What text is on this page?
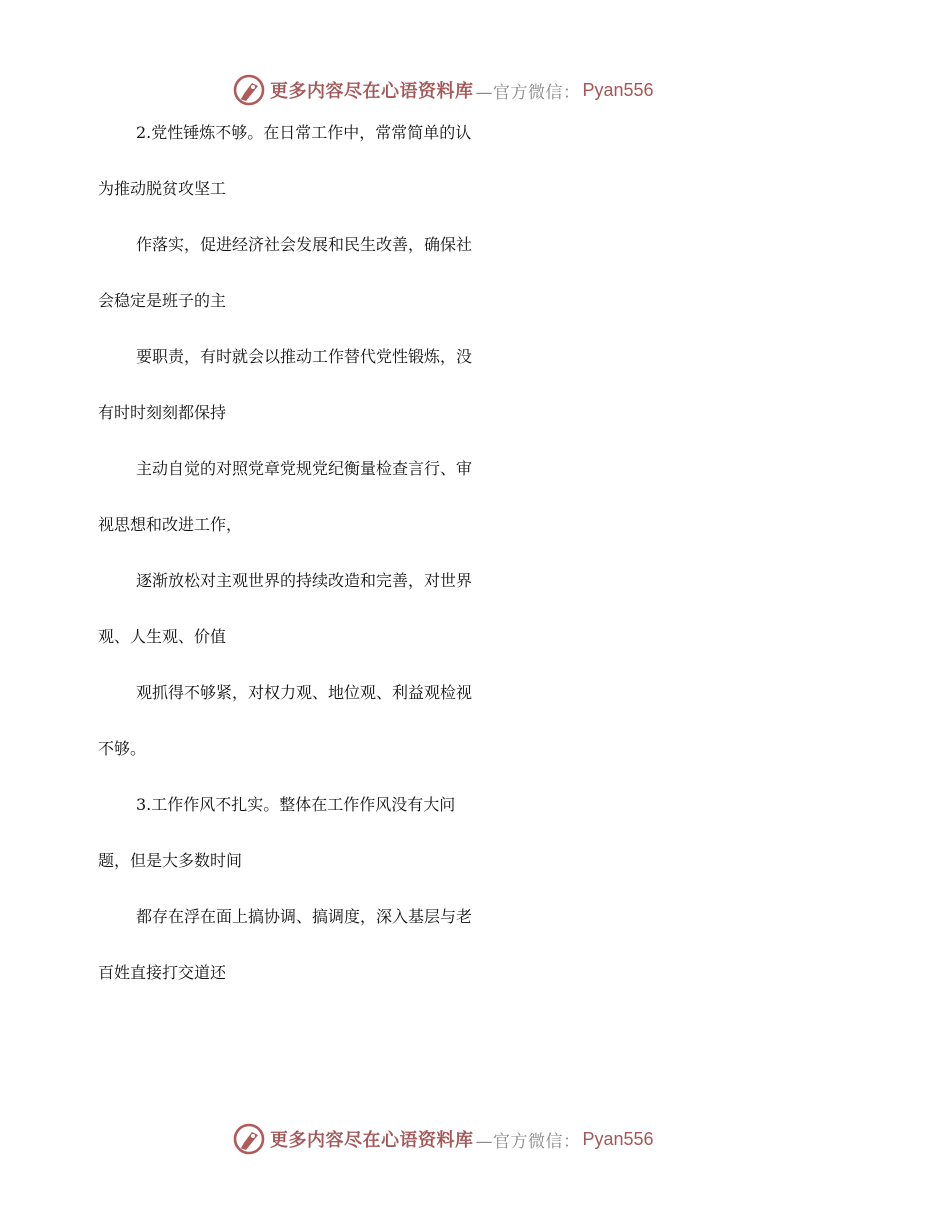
更多内容尽在心语资料库 —官方微信： Pyan556
2.党性锤炼不够。在日常工作中，常常简单的认
为推动脱贫攻坚工
作落实，促进经济社会发展和民生改善，确保社
会稳定是班子的主
要职责，有时就会以推动工作替代党性锻炼，没
有时时刻刻都保持
主动自觉的对照党章党规党纪衡量检查言行、审
视思想和改进工作，
逐渐放松对主观世界的持续改造和完善，对世界
观、人生观、价值
观抓得不够紧，对权力观、地位观、利益观检视
不够。
3.工作作风不扎实。整体在工作作风没有大问
题，但是大多数时间
都存在浮在面上搞协调、搞调度，深入基层与老
百姓直接打交道还
更多内容尽在心语资料库 —官方微信： Pyan556
